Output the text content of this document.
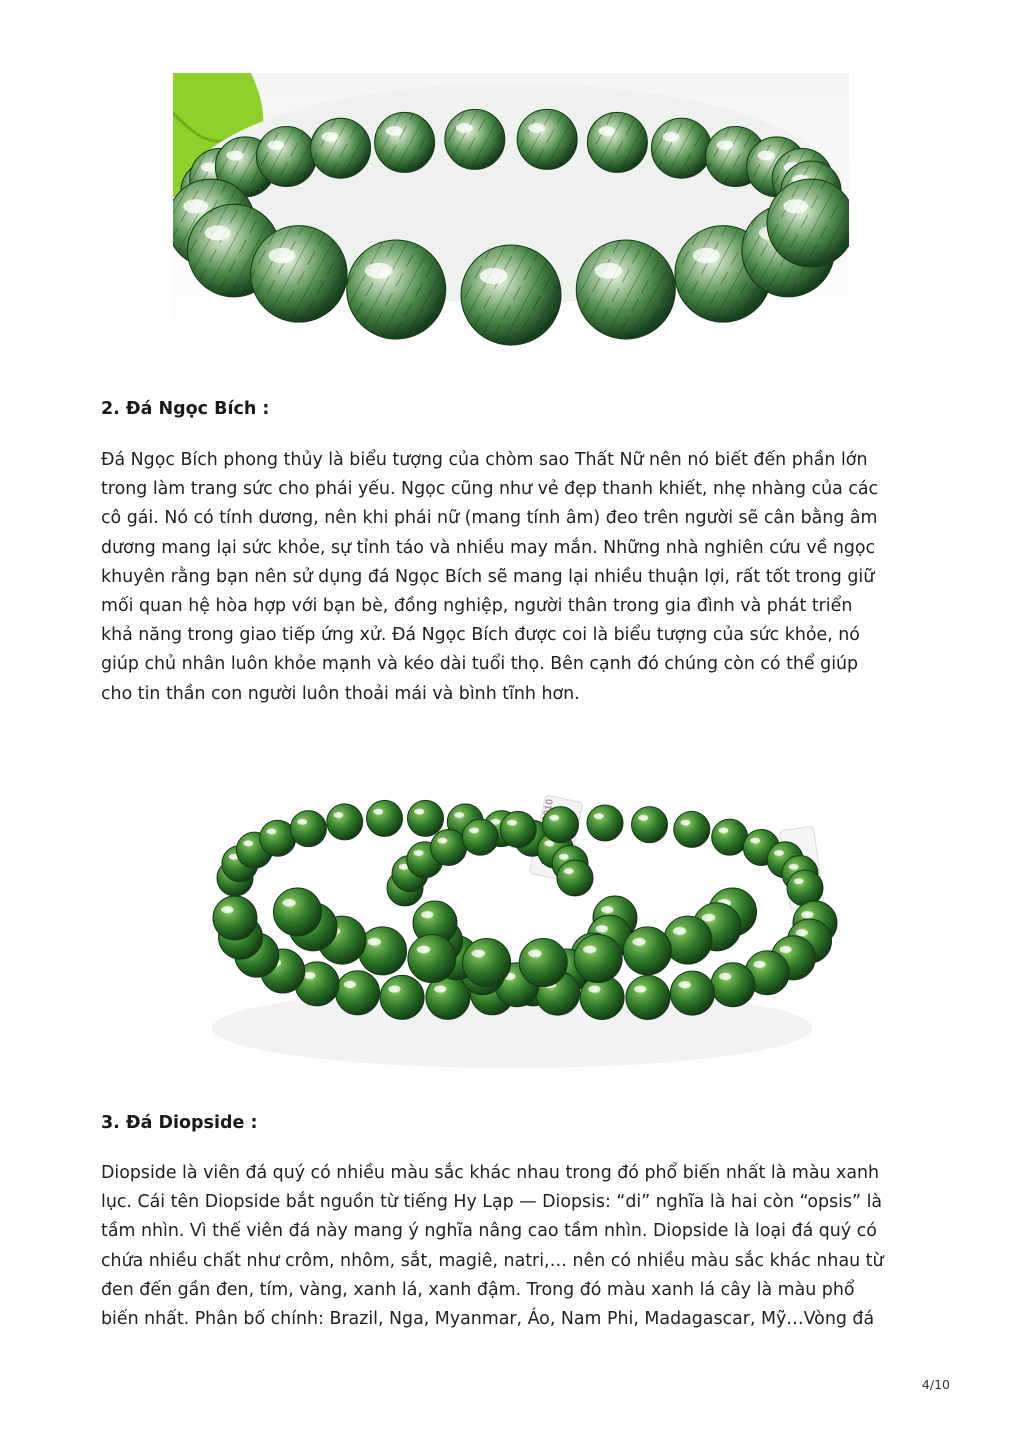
2. Đá Ngọc Bích :

Đá Ngọc Bích phong thủy là biểu tượng của chòm sao Thất Nữ nên nó biết đến phần lớn
trong làm trang sức cho phái yếu. Ngọc cũng như vẻ đẹp thanh khiết, nhẹ nhàng của các
cô gái. Nó có tính dương, nên khi phái nữ (mang tính âm) đeo trên người sẽ cân bằng âm
dương mang lại sức khỏe, sự tỉnh táo và nhiều may mắn. Những nhà nghiên cứu về ngọc
khuyên rằng bạn nên sử dụng đá Ngọc Bích sẽ mang lại nhiều thuận lợi, rất tốt trong giữ
mối quan hệ hòa hợp với bạn bè, đồng nghiệp, người thân trong gia đình và phát triển
khả năng trong giao tiếp ứng xử. Đá Ngọc Bích được coi là biểu tượng của sức khỏe, nó
giúp chủ nhân luôn khỏe mạnh và kéo dài tuổi thọ. Bên cạnh đó chúng còn có thể giúp
cho tin thần con người luôn thoải mái và bình tĩnh hơn.

3. Đá Diopside :

Diopside là viên đá quý có nhiều màu sắc khác nhau trong đó phổ biến nhất là màu xanh
lục. Cái tên Diopside bắt nguồn từ tiếng Hy Lạp — Diopsis: “di” nghĩa là hai còn “opsis” là
tầm nhìn. Vì thế viên đá này mang ý nghĩa nâng cao tầm nhìn. Diopside là loại đá quý có
chứa nhiều chất như crôm, nhôm, sắt, magiê, natri,… nên có nhiều màu sắc khác nhau từ
đen đến gần đen, tím, vàng, xanh lá, xanh đậm. Trong đó màu xanh lá cây là màu phổ
biến nhất. Phân bố chính: Brazil, Nga, Myanmar, Áo, Nam Phi, Madagascar, Mỹ…Vòng đá

4/10
